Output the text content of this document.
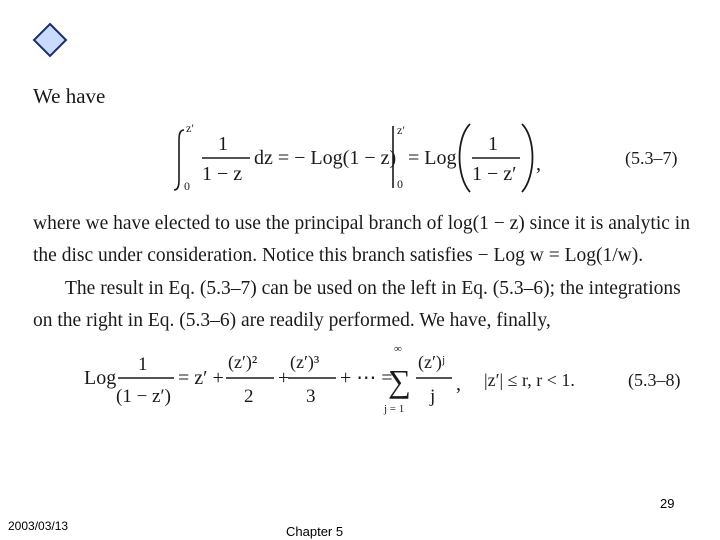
We have
z′
0
1
1 − z
dz = − Log(1 − z)
z′
0
= Log
1
1 − z′ ,	(5.3–7)
where we have elected to use the principal branch of log(1 − z) since it is analytic in
the disc under consideration. Notice this branch satisfies − Log w = Log(1/w).
The result in Eq. (5.3–7) can be used on the left in Eq. (5.3–6); the integrations
on the right in Eq. (5.3–6) are readily performed. We have, finally,
Log
1
(1 − z′)
= z′ +
(z′)²
2
+
(z′)³
3
+ ⋯ =
∞
∑
j = 1
(z′)ʲ
j
, |z′| ≤ r, r < 1.	(5.3–8)
29
2003/03/13	Chapter 5
